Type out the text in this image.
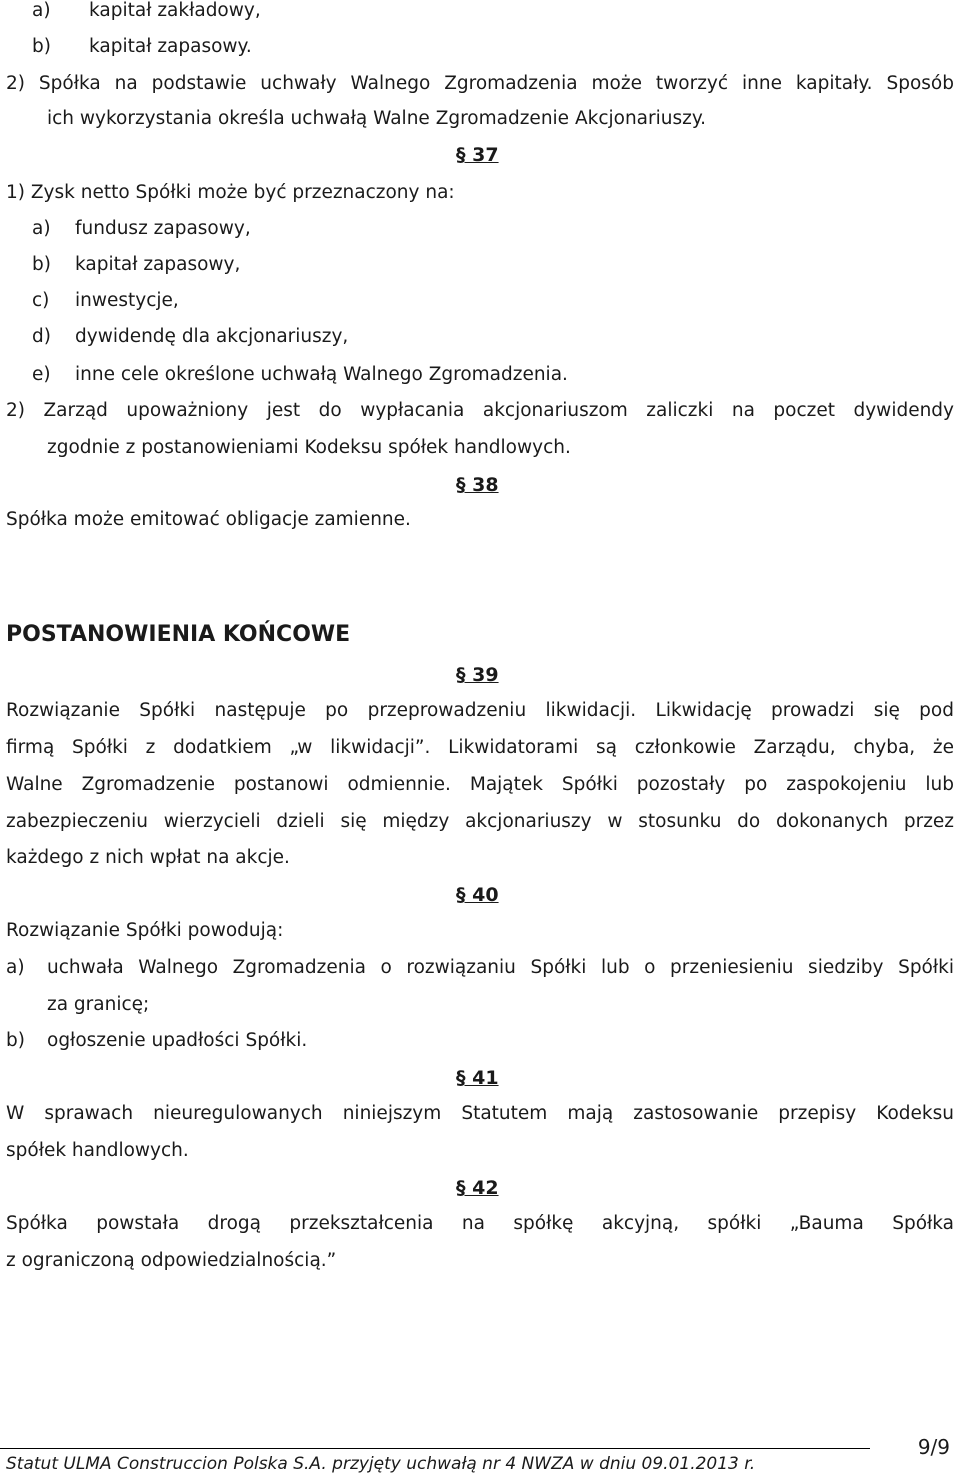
a) kapitał zakładowy,
b) kapitał zapasowy.
2) Spółka na podstawie uchwały Walnego Zgromadzenia może tworzyć inne kapitały. Sposób
ich wykorzystania określa uchwałą Walne Zgromadzenie Akcjonariuszy.
§ 37
1) Zysk netto Spółki może być przeznaczony na:
a) fundusz zapasowy,
b) kapitał zapasowy,
c) inwestycje,
d) dywidendę dla akcjonariuszy,
e) inne cele określone uchwałą Walnego Zgromadzenia.
2) Zarząd upoważniony jest do wypłacania akcjonariuszom zaliczki na poczet dywidendy
zgodnie z postanowieniami Kodeksu spółek handlowych.
§ 38
Spółka może emitować obligacje zamienne.
POSTANOWIENIA KOŃCOWE
§ 39
Rozwiązanie Spółki następuje po przeprowadzeniu likwidacji. Likwidację prowadzi się pod
firmą Spółki z dodatkiem „w likwidacji”. Likwidatorami są członkowie Zarządu, chyba, że
Walne Zgromadzenie postanowi odmiennie. Majątek Spółki pozostały po zaspokojeniu lub
zabezpieczeniu wierzycieli dzieli się między akcjonariuszy w stosunku do dokonanych przez
każdego z nich wpłat na akcje.
§ 40
Rozwiązanie Spółki powodują:
a) uchwała Walnego Zgromadzenia o rozwiązaniu Spółki lub o przeniesieniu siedziby Spółki
za granicę;
b) ogłoszenie upadłości Spółki.
§ 41
W sprawach nieuregulowanych niniejszym Statutem mają zastosowanie przepisy Kodeksu
spółek handlowych.
§ 42
Spółka powstała drogą przekształcenia na spółkę akcyjną, spółki „Bauma Spółka
z ograniczoną odpowiedzialnością.”
Statut ULMA Construccion Polska S.A. przyjęty uchwałą nr 4 NWZA w dniu 09.01.2013 r.
9/9
